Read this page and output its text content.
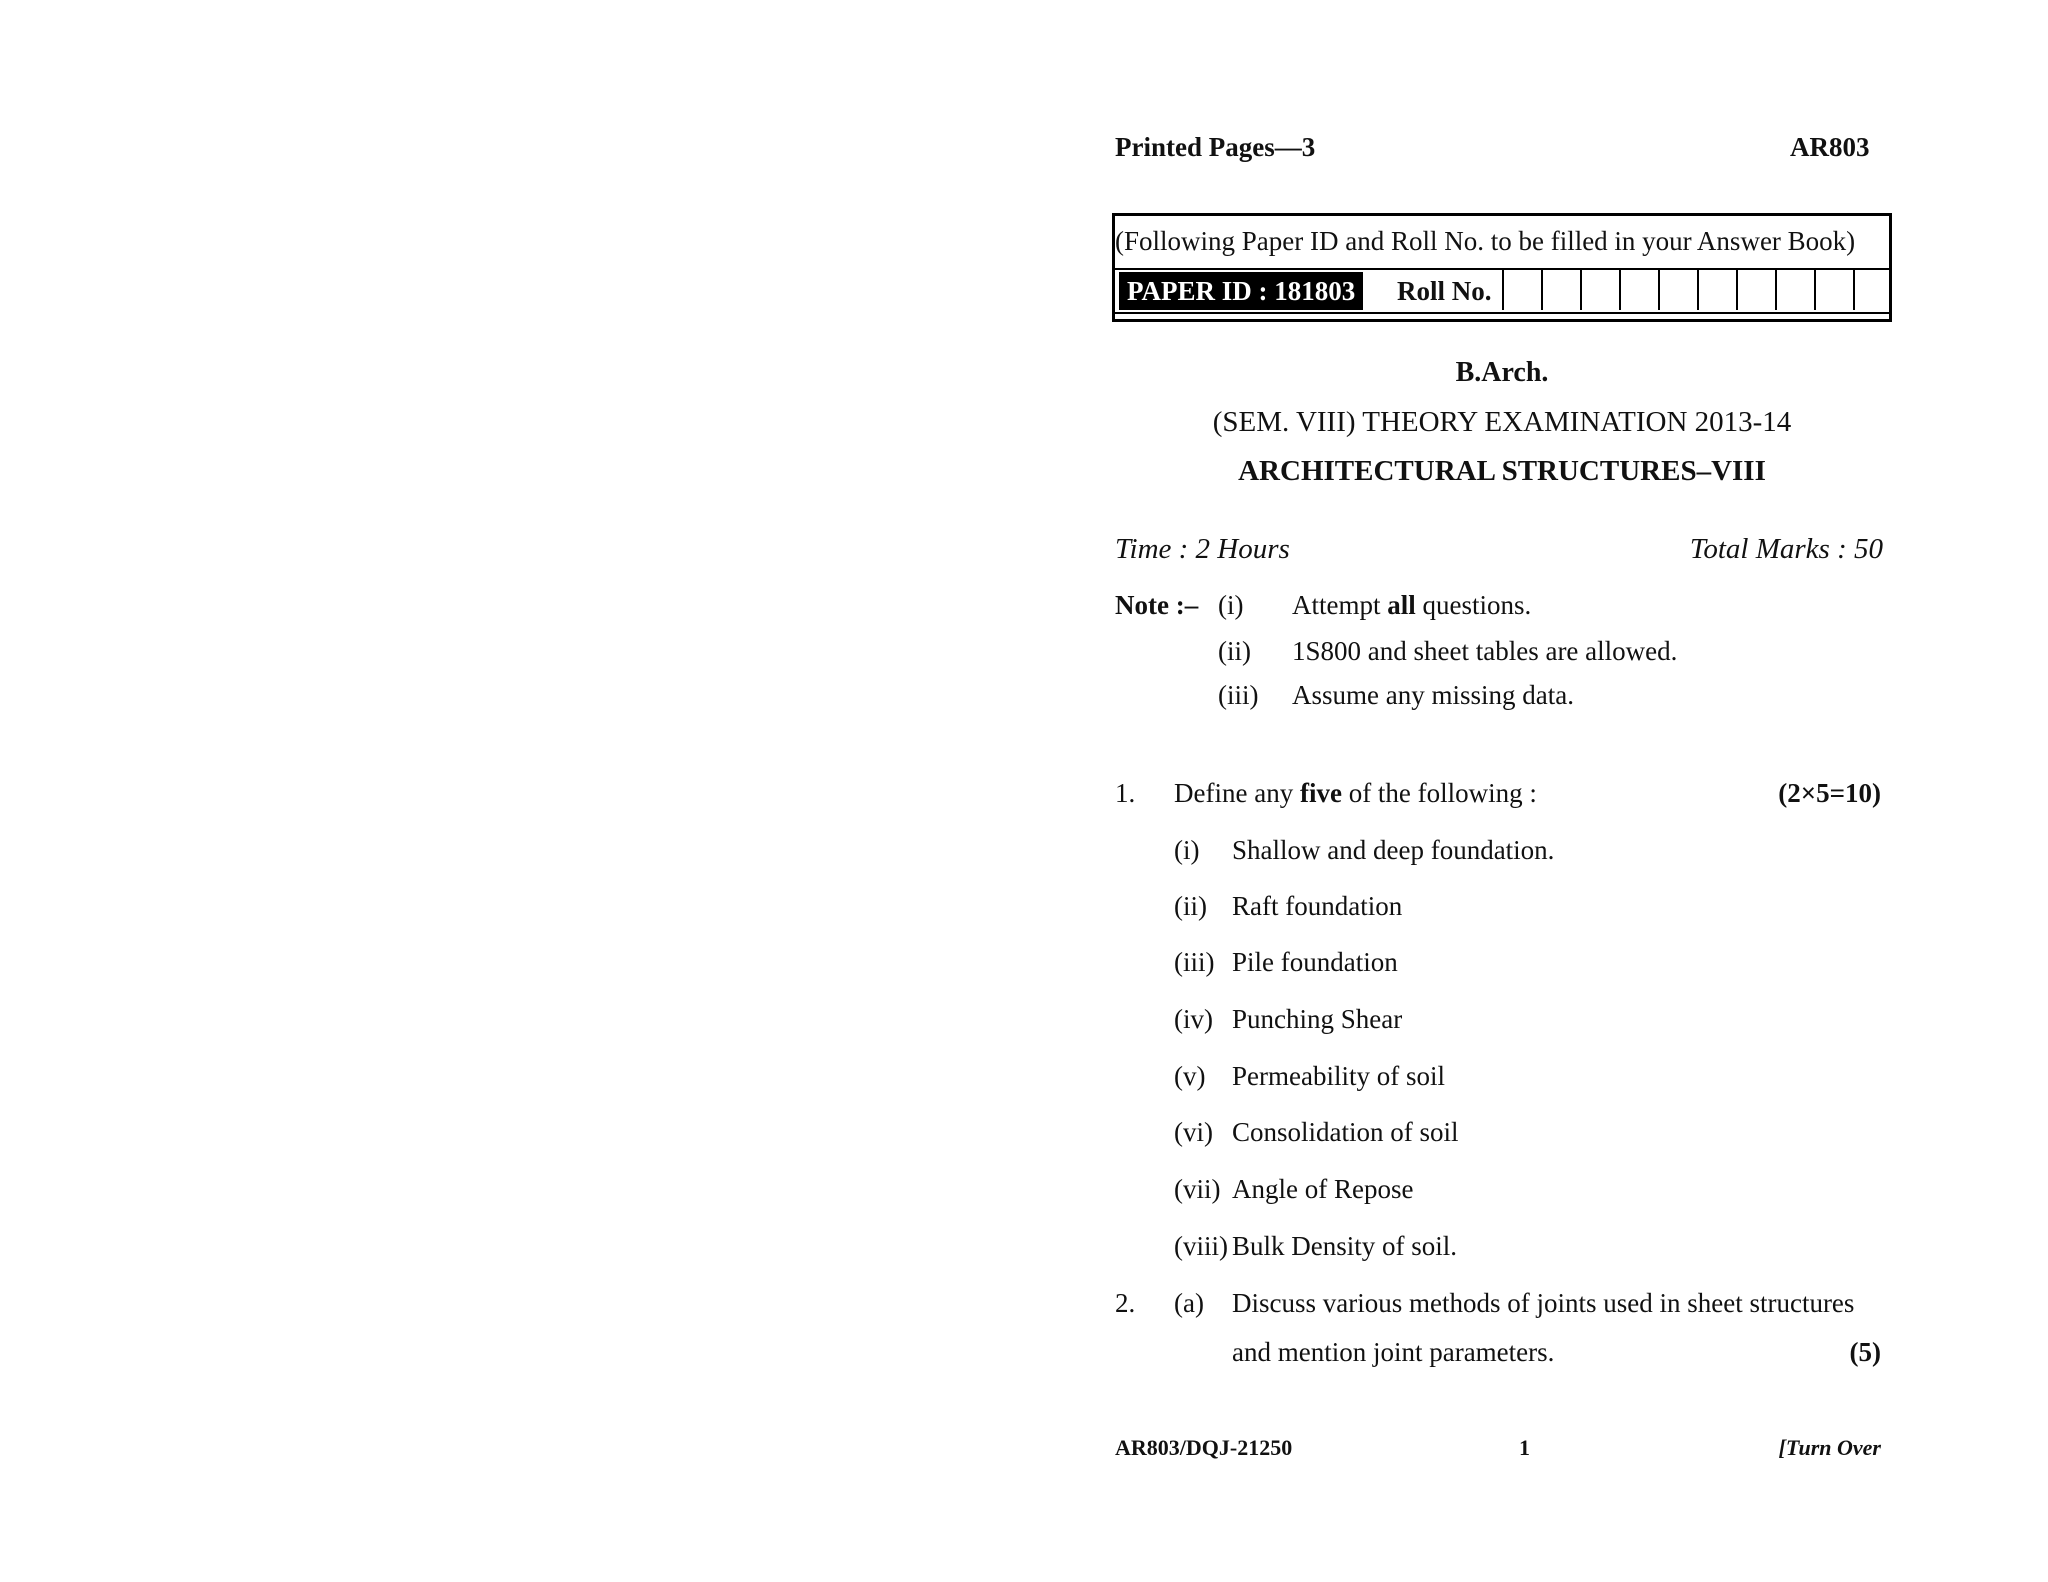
Printed Pages—3	AR803
(Following Paper ID and Roll No. to be filled in your Answer Book)
PAPER ID : 181803 Roll No.
B.Arch.
(SEM. VIII) THEORY EXAMINATION 2013-14
ARCHITECTURAL STRUCTURES–VIII
Time : 2 Hours	Total Marks : 50
Note :– (i) Attempt all questions.
(ii) 1S800 and sheet tables are allowed.
(iii) Assume any missing data.
1. Define any five of the following :	(2×5=10)
(i) Shallow and deep foundation.
(ii) Raft foundation
(iii) Pile foundation
(iv) Punching Shear
(v) Permeability of soil
(vi) Consolidation of soil
(vii) Angle of Repose
(viii) Bulk Density of soil.
2. (a) Discuss various methods of joints used in sheet structures
and mention joint parameters.	(5)
AR803/DQJ-21250	1	[Turn Over
